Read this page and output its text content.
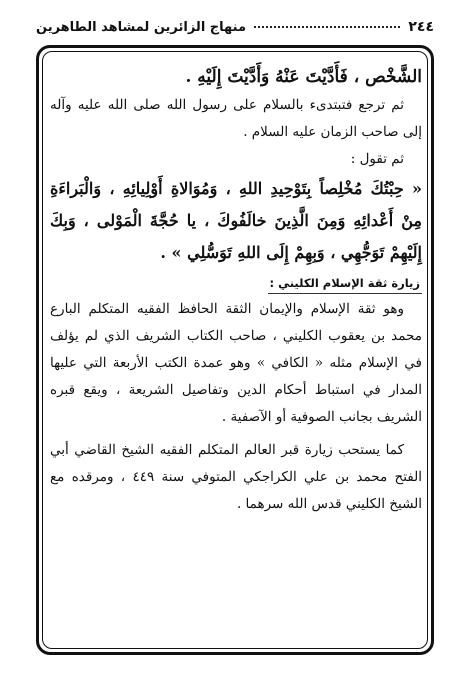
٢٤٤
منهاج الزائرين لمشاهد الطاهرين

الشَّخْص ، فَأَدَّيْتَ عَنْهُ وَأَدَّيْتَ إِلَيْهِ .

ثم ترجع فتبتدىء بالسلام على رسول الله صلى الله عليه وآله إلى صاحب الزمان عليه السلام .

ثم تقول :

« حِبْتُكَ مُخْلِصاً بِتَوْحِيدِ اللهِ ، وَمُوَالاةِ أَوْلِيائِهِ ، وَالْبَراءَةِ مِنْ أَعْدائِهِ وَمِنَ الَّذِينَ خالَفُوكَ ، يا حُجَّةَ الْمَوْلى ، وَبِكَ إِلَيْهِمْ تَوَجُّهِي ، وَبِهِمْ إِلَى اللهِ تَوَسُّلِي » .

زيارة ثقة الإسلام الكليني :

وهو ثقة الإسلام والإيمان الثقة الحافظ الفقيه المتكلم البارع محمد بن يعقوب الكليني ، صاحب الكتاب الشريف الذي لم يؤلف في الإسلام مثله « الكافي » وهو عمدة الكتب الأربعة التي عليها المدار في استباط أحكام الدين وتفاصيل الشريعة ، ويقع قبره الشريف بجانب الصوفية أو الآصفية .

كما يستحب زيارة قبر العالم المتكلم الفقيه الشيخ القاضي أبي الفتح محمد بن علي الكراجكي المتوفي سنة ٤٤٩ ، ومرقده مع الشيخ الكليني قدس الله سرهما .
